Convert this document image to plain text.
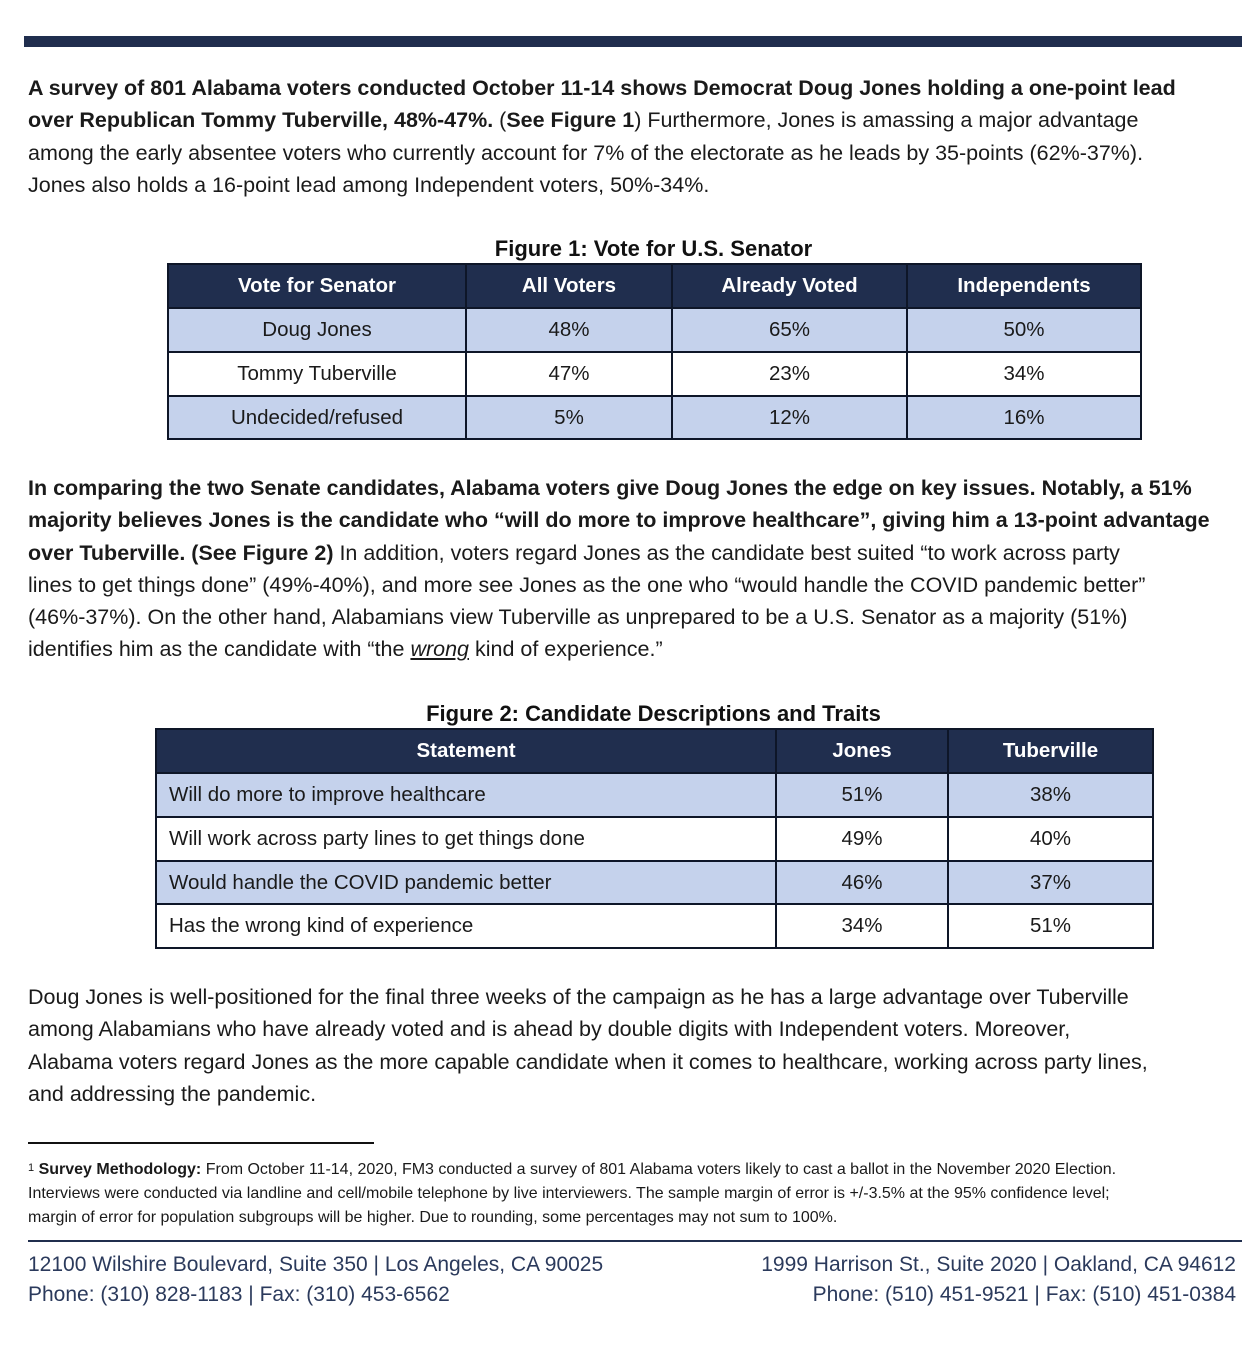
A survey of 801 Alabama voters conducted October 11-14 shows Democrat Doug Jones holding a one-point lead
over Republican Tommy Tuberville, 48%-47%. (See Figure 1) Furthermore, Jones is amassing a major advantage
among the early absentee voters who currently account for 7% of the electorate as he leads by 35-points (62%-37%).
Jones also holds a 16-point lead among Independent voters, 50%-34%.
Figure 1: Vote for U.S. Senator
Vote for Senator	All Voters	Already Voted	Independents
Doug Jones	48%	65%	50%
Tommy Tuberville	47%	23%	34%
Undecided/refused	5%	12%	16%
In comparing the two Senate candidates, Alabama voters give Doug Jones the edge on key issues. Notably, a 51%
majority believes Jones is the candidate who “will do more to improve healthcare”, giving him a 13-point advantage
over Tuberville. (See Figure 2) In addition, voters regard Jones as the candidate best suited “to work across party
lines to get things done” (49%-40%), and more see Jones as the one who “would handle the COVID pandemic better”
(46%-37%). On the other hand, Alabamians view Tuberville as unprepared to be a U.S. Senator as a majority (51%)
identifies him as the candidate with “the wrong kind of experience.”
Figure 2: Candidate Descriptions and Traits
Statement	Jones	Tuberville
Will do more to improve healthcare	51%	38%
Will work across party lines to get things done	49%	40%
Would handle the COVID pandemic better	46%	37%
Has the wrong kind of experience	34%	51%
Doug Jones is well-positioned for the final three weeks of the campaign as he has a large advantage over Tuberville
among Alabamians who have already voted and is ahead by double digits with Independent voters. Moreover,
Alabama voters regard Jones as the more capable candidate when it comes to healthcare, working across party lines,
and addressing the pandemic.
$^1$ Survey Methodology: From October 11-14, 2020, FM3 conducted a survey of 801 Alabama voters likely to cast a ballot in the November 2020 Election.
Interviews were conducted via landline and cell/mobile telephone by live interviewers. The sample margin of error is +/-3.5% at the 95% confidence level;
margin of error for population subgroups will be higher. Due to rounding, some percentages may not sum to 100%.
12100 Wilshire Boulevard, Suite 350 | Los Angeles, CA 90025
Phone: (310) 828-1183 | Fax: (310) 453-6562
1999 Harrison St., Suite 2020 | Oakland, CA 94612
Phone: (510) 451-9521 | Fax: (510) 451-0384
